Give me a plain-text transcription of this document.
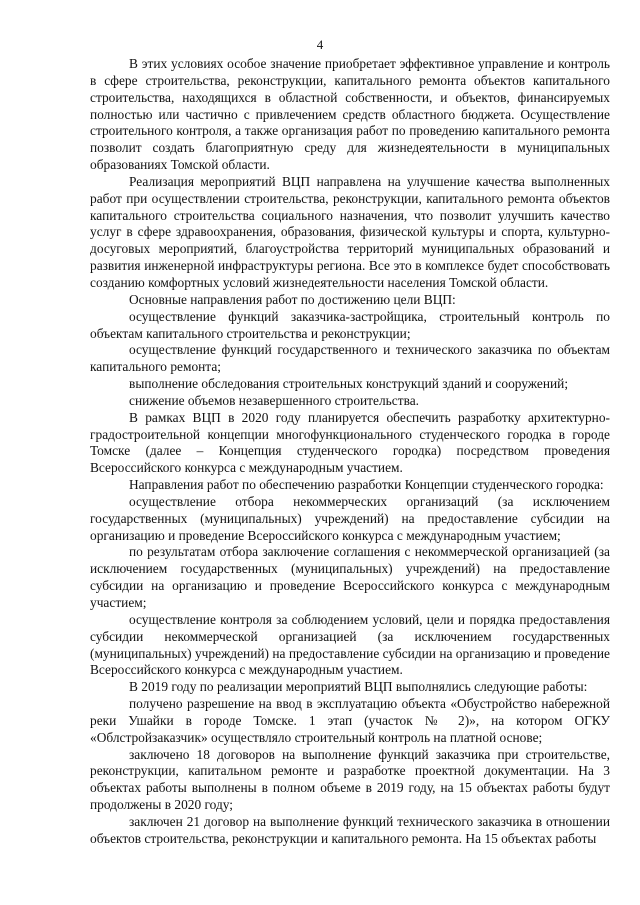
4

В этих условиях особое значение приобретает эффективное управление и контроль в сфере строительства, реконструкции, капитального ремонта объектов капитального строительства, находящихся в областной собственности, и объектов, финансируемых полностью или частично с привлечением средств областного бюджета. Осуществление строительного контроля, а также организация работ по проведению капитального ремонта позволит создать благоприятную среду для жизнедеятельности в муниципальных образованиях Томской области.

Реализация мероприятий ВЦП направлена на улучшение качества выполненных работ при осуществлении строительства, реконструкции, капитального ремонта объектов капитального строительства социального назначения, что позволит улучшить качество услуг в сфере здравоохранения, образования, физической культуры и спорта, культурно-досуговых мероприятий, благоустройства территорий муниципальных образований и развития инженерной инфраструктуры региона. Все это в комплексе будет способствовать созданию комфортных условий жизнедеятельности населения Томской области.

Основные направления работ по достижению цели ВЦП:

осуществление функций заказчика-застройщика, строительный контроль по объектам капитального строительства и реконструкции;

осуществление функций государственного и технического заказчика по объектам капитального ремонта;

выполнение обследования строительных конструкций зданий и сооружений;

снижение объемов незавершенного строительства.

В рамках ВЦП в 2020 году планируется обеспечить разработку архитектурно-градостроительной концепции многофункционального студенческого городка в городе Томске (далее – Концепция студенческого городка) посредством проведения Всероссийского конкурса с международным участием.

Направления работ по обеспечению разработки Концепции студенческого городка:

осуществление отбора некоммерческих организаций (за исключением государственных (муниципальных) учреждений) на предоставление субсидии на организацию и проведение Всероссийского конкурса с международным участием;

по результатам отбора заключение соглашения с некоммерческой организацией (за исключением государственных (муниципальных) учреждений) на предоставление субсидии на организацию и проведение Всероссийского конкурса с международным участием;

осуществление контроля за соблюдением условий, цели и порядка предоставления субсидии некоммерческой организацией (за исключением государственных (муниципальных) учреждений) на предоставление субсидии на организацию и проведение Всероссийского конкурса с международным участием.

В 2019 году по реализации мероприятий ВЦП выполнялись следующие работы:

получено разрешение на ввод в эксплуатацию объекта «Обустройство набережной реки Ушайки в городе Томске. 1 этап (участок № 2)», на котором ОГКУ «Облстройзаказчик» осуществляло строительный контроль на платной основе;

заключено 18 договоров на выполнение функций заказчика при строительстве, реконструкции, капитальном ремонте и разработке проектной документации. На 3 объектах работы выполнены в полном объеме в 2019 году, на 15 объектах работы будут продолжены в 2020 году;

заключен 21 договор на выполнение функций технического заказчика в отношении объектов строительства, реконструкции и капитального ремонта. На 15 объектах работы
